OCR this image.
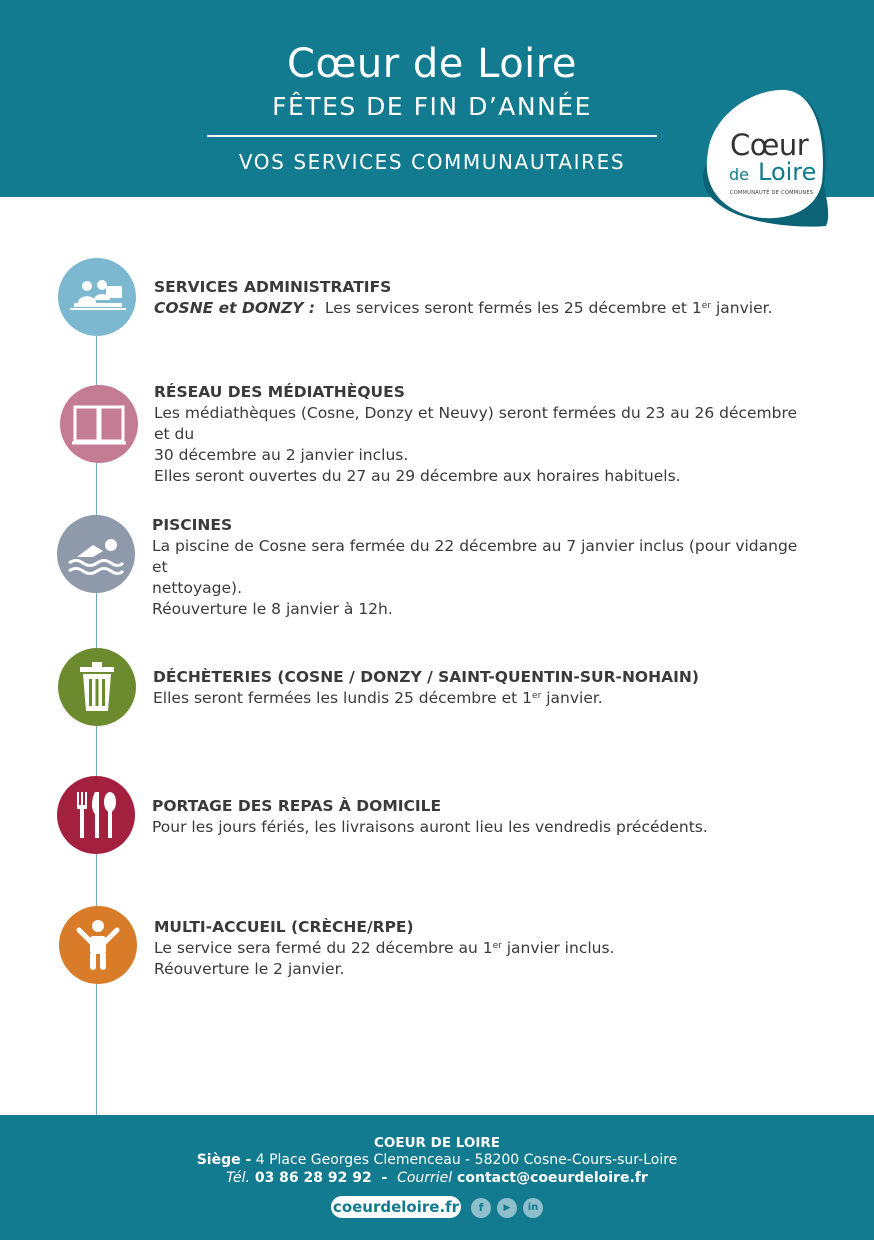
Cœur de Loire
FÊTES DE FIN D’ANNÉE
VOS SERVICES COMMUNAUTAIRES	Cœur
de Loire
COMMUNAUTÉ DE COMMUNES

SERVICES ADMINISTRATIFS

COSNE et DONZY : Les services seront fermés les 25 décembre et 1er janvier.

RÉSEAU DES MÉDIATHÈQUES

Les médiathèques (Cosne, Donzy et Neuvy) seront fermées du 23 au 26 décembre et du

30 décembre au 2 janvier inclus.

Elles seront ouvertes du 27 au 29 décembre aux horaires habituels.

PISCINES

La piscine de Cosne sera fermée du 22 décembre au 7 janvier inclus (pour vidange et

nettoyage).

Réouverture le 8 janvier à 12h.

DÉCHÈTERIES (COSNE / DONZY / SAINT-QUENTIN-SUR-NOHAIN)

Elles seront fermées les lundis 25 décembre et 1er janvier.

PORTAGE DES REPAS À DOMICILE

Pour les jours fériés, les livraisons auront lieu les vendredis précédents.

MULTI-ACCUEIL (CRÈCHE/RPE)

Le service sera fermé du 22 décembre au 1er janvier inclus.

Réouverture le 2 janvier.

COEUR DE LOIRE
Siège - 4 Place Georges Clemenceau - 58200 Cosne-Cours-sur-Loire
Tél. 03 86 28 92 92  -  Courriel contact@coeurdeloire.fr
coeurdeloire.fr	f	▶	in
